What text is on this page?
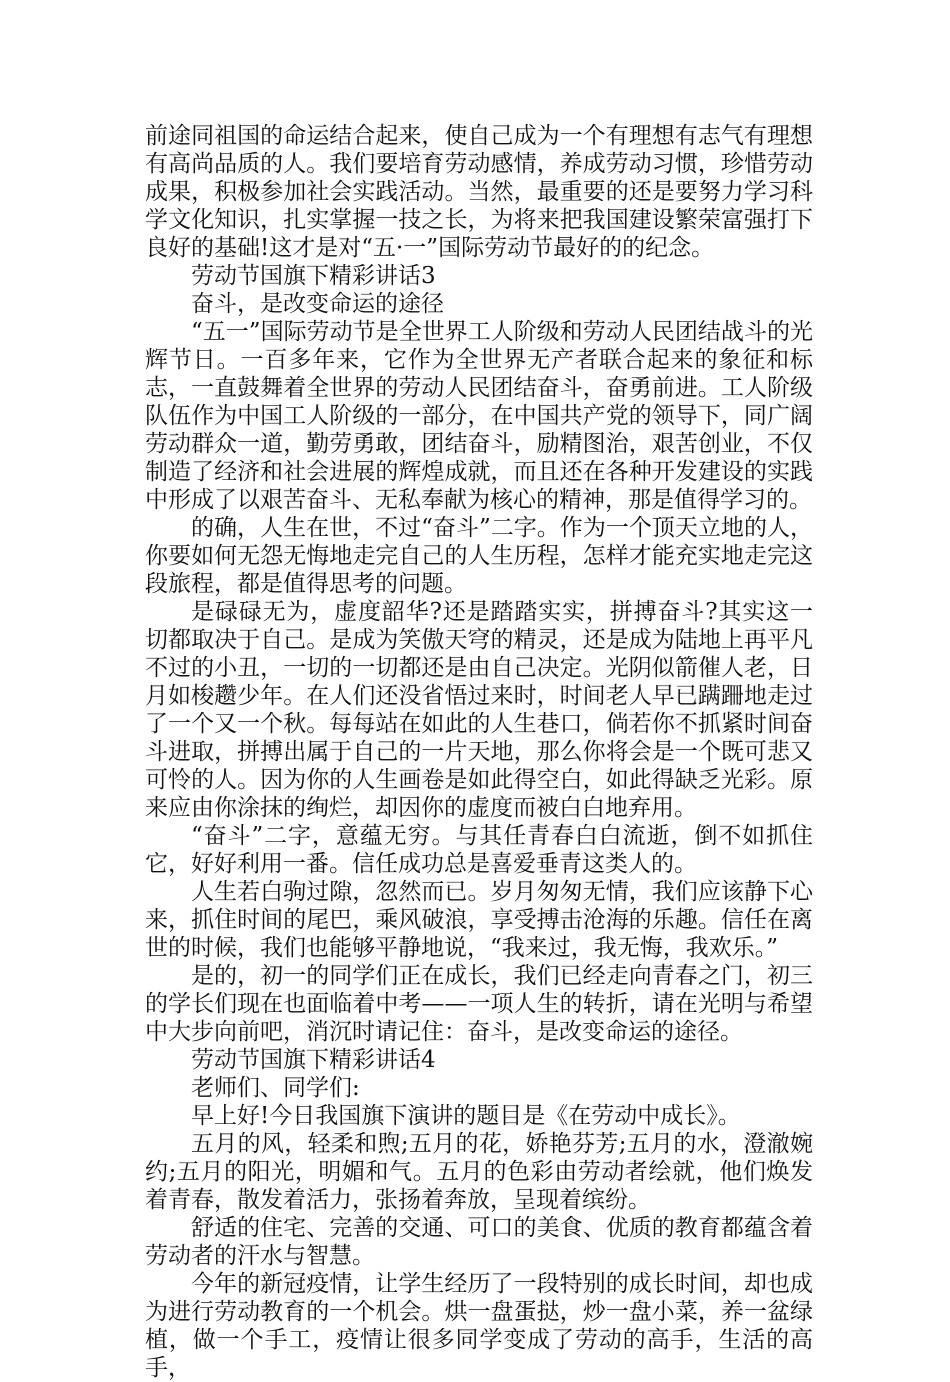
前途同祖国的命运结合起来，使自己成为一个有理想有志气有理想有高尚品质的人。我们要培育劳动感情，养成劳动习惯，珍惜劳动成果，积极参加社会实践活动。当然，最重要的还是要努力学习科学文化知识，扎实掌握一技之长，为将来把我国建设繁荣富强打下良好的基础!这才是对“五·一”国际劳动节最好的的纪念。

劳动节国旗下精彩讲话3

奋斗，是改变命运的途径

“五一”国际劳动节是全世界工人阶级和劳动人民团结战斗的光辉节日。一百多年来，它作为全世界无产者联合起来的象征和标志，一直鼓舞着全世界的劳动人民团结奋斗，奋勇前进。工人阶级队伍作为中国工人阶级的一部分，在中国共产党的领导下，同广阔劳动群众一道，勤劳勇敢，团结奋斗，励精图治，艰苦创业，不仅制造了经济和社会进展的辉煌成就，而且还在各种开发建设的实践中形成了以艰苦奋斗、无私奉献为核心的精神，那是值得学习的。

的确，人生在世，不过“奋斗”二字。作为一个顶天立地的人，你要如何无怨无悔地走完自己的人生历程，怎样才能充实地走完这段旅程，都是值得思考的问题。

是碌碌无为，虚度韶华?还是踏踏实实，拼搏奋斗?其实这一切都取决于自己。是成为笑傲天穹的精灵，还是成为陆地上再平凡不过的小丑，一切的一切都还是由自己决定。光阴似箭催人老，日月如梭趱少年。在人们还没省悟过来时，时间老人早已蹒跚地走过了一个又一个秋。每每站在如此的人生巷口，倘若你不抓紧时间奋斗进取，拼搏出属于自己的一片天地，那么你将会是一个既可悲又可怜的人。因为你的人生画卷是如此得空白，如此得缺乏光彩。原来应由你涂抹的绚烂，却因你的虚度而被白白地弃用。

“奋斗”二字，意蕴无穷。与其任青春白白流逝，倒不如抓住它，好好利用一番。信任成功总是喜爱垂青这类人的。

人生若白驹过隙，忽然而已。岁月匆匆无情，我们应该静下心来，抓住时间的尾巴，乘风破浪，享受搏击沧海的乐趣。信任在离世的时候，我们也能够平静地说，“我来过，我无悔，我欢乐。”

是的，初一的同学们正在成长，我们已经走向青春之门，初三的学长们现在也面临着中考——一项人生的转折，请在光明与希望中大步向前吧，消沉时请记住：奋斗，是改变命运的途径。

劳动节国旗下精彩讲话4

老师们、同学们:

早上好!今日我国旗下演讲的题目是《在劳动中成长》。

五月的风，轻柔和煦;五月的花，娇艳芬芳;五月的水，澄澈婉约;五月的阳光，明媚和气。五月的色彩由劳动者绘就，他们焕发着青春，散发着活力，张扬着奔放，呈现着缤纷。

舒适的住宅、完善的交通、可口的美食、优质的教育都蕴含着劳动者的汗水与智慧。

今年的新冠疫情，让学生经历了一段特别的成长时间，却也成为进行劳动教育的一个机会。烘一盘蛋挞，炒一盘小菜，养一盆绿植，做一个手工，疫情让很多同学变成了劳动的高手，生活的高手，
